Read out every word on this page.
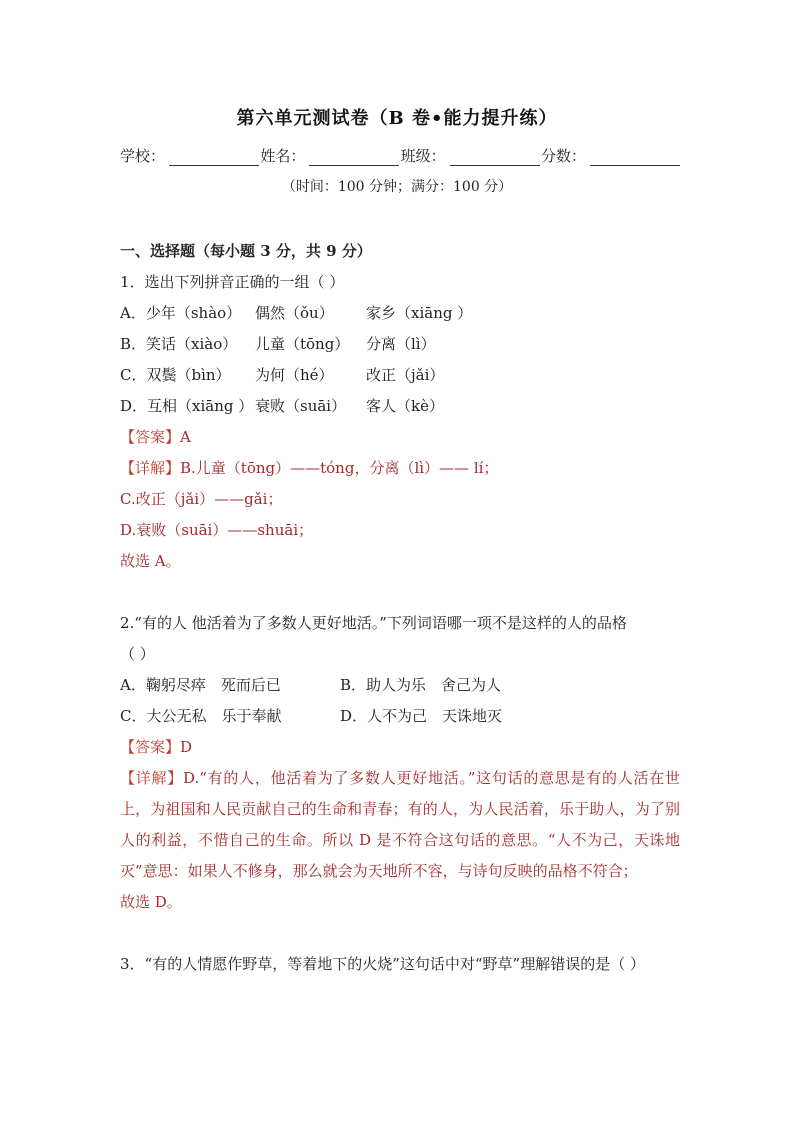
第六单元测试卷（B 卷•能力提升练）
学校：	姓名：	班级：	分数：
（时间：100 分钟；满分：100 分）
一、选择题（每小题 3 分，共 9 分）
1．选出下列拼音正确的一组（ ）
A．少年（shào） 偶然（ǒu）	家乡（xiāng ）
B．笑话（xiào）	儿童（tōng）	分离（lì）
C．双鬓（bìn）	为何（hé）	改正（jǎi）
D．互相（xiāng ） 衰败（suāi）	客人（kè）
【答案】A
【详解】B.儿童（tōng）——tóng，分离（lì）—— lí；
C.改正（jǎi）——gǎi；
D.衰败（suāi）——shuāi；
故选 A。
2.“有的人 他活着为了多数人更好地活。”下列词语哪一项不是这样的人的品格
（ ）
A．鞠躬尽瘁　死而后已	B．助人为乐　舍己为人
C．大公无私　乐于奉献	D．人不为己　天诛地灭
【答案】D
【详解】D.“有的人，他活着为了多数人更好地活。”这句话的意思是有的人活在世上，为祖国和人民贡献自己的生命和青春；有的人，为人民活着，乐于助人，为了别人的利益，不惜自己的生命。所以 D 是不符合这句话的意思。“人不为己，天诛地灭”意思：如果人不修身，那么就会为天地所不容，与诗句反映的品格不符合；
故选 D。
3．“有的人情愿作野草，等着地下的火烧”这句话中对“野草”理解错误的是（ ）
